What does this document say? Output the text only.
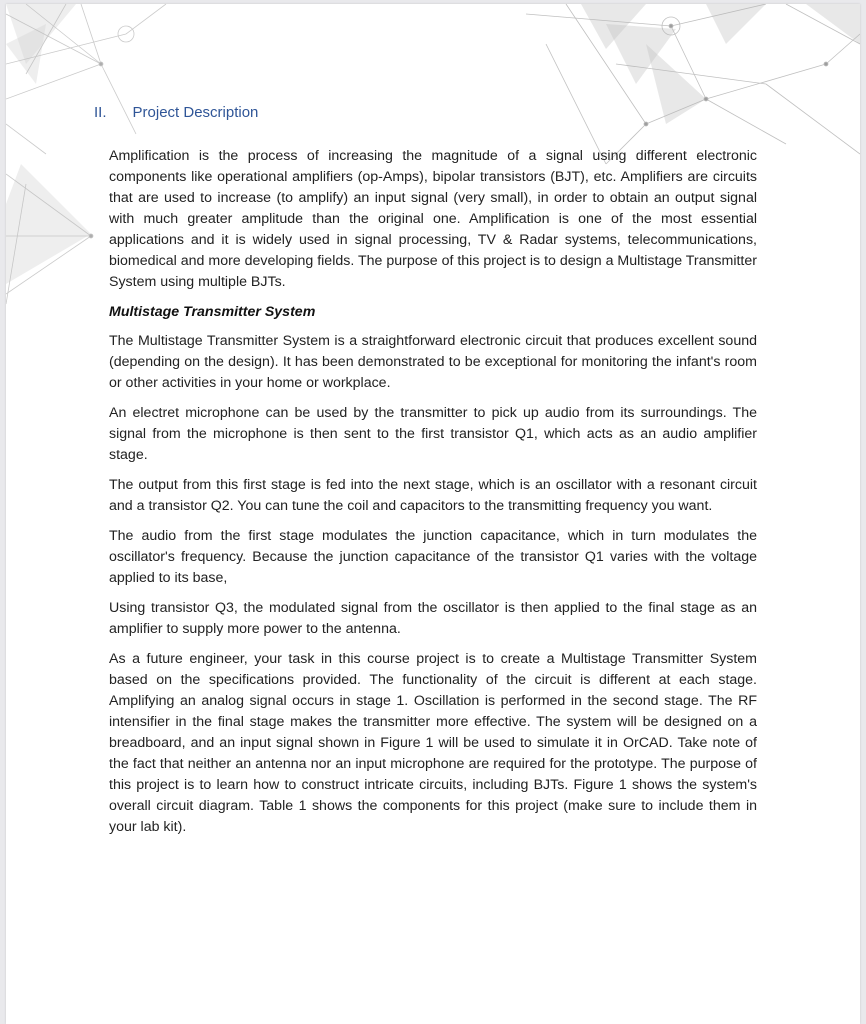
II. Project Description

Amplification is the process of increasing the magnitude of a signal using different electronic components like operational amplifiers (op-Amps), bipolar transistors (BJT), etc. Amplifiers are circuits that are used to increase (to amplify) an input signal (very small), in order to obtain an output signal with much greater amplitude than the original one. Amplification is one of the most essential applications and it is widely used in signal processing, TV & Radar systems, telecommunications, biomedical and more developing fields. The purpose of this project is to design a Multistage Transmitter System using multiple BJTs.

Multistage Transmitter System

The Multistage Transmitter System is a straightforward electronic circuit that produces excellent sound (depending on the design). It has been demonstrated to be exceptional for monitoring the infant's room or other activities in your home or workplace.

An electret microphone can be used by the transmitter to pick up audio from its surroundings. The signal from the microphone is then sent to the first transistor Q1, which acts as an audio amplifier stage.

The output from this first stage is fed into the next stage, which is an oscillator with a resonant circuit and a transistor Q2. You can tune the coil and capacitors to the transmitting frequency you want.

The audio from the first stage modulates the junction capacitance, which in turn modulates the oscillator's frequency. Because the junction capacitance of the transistor Q1 varies with the voltage applied to its base,

Using transistor Q3, the modulated signal from the oscillator is then applied to the final stage as an amplifier to supply more power to the antenna.

As a future engineer, your task in this course project is to create a Multistage Transmitter System based on the specifications provided. The functionality of the circuit is different at each stage. Amplifying an analog signal occurs in stage 1. Oscillation is performed in the second stage. The RF intensifier in the final stage makes the transmitter more effective. The system will be designed on a breadboard, and an input signal shown in Figure 1 will be used to simulate it in OrCAD. Take note of the fact that neither an antenna nor an input microphone are required for the prototype. The purpose of this project is to learn how to construct intricate circuits, including BJTs. Figure 1 shows the system's overall circuit diagram. Table 1 shows the components for this project (make sure to include them in your lab kit).
